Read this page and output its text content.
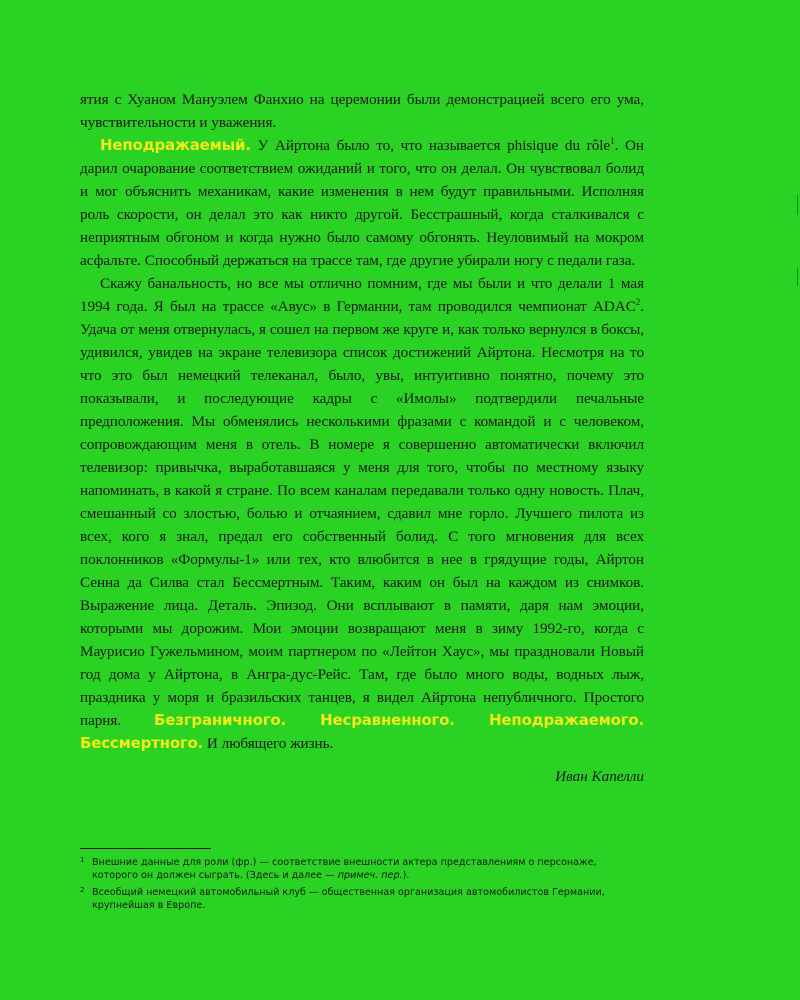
ятия с Хуаном Мануэлем Фанхио на церемонии были демонстрацией всего его ума, чувствительности и уважения.

Неподражаемый. У Айртона было то, что называется phisique du rôle$^1$. Он дарил очарование соответствием ожиданий и того, что он делал. Он чувствовал болид и мог объяснить механикам, какие изменения в нем будут правильными. Исполняя роль скорости, он делал это как никто другой. Бесстрашный, когда сталкивался с неприятным обгоном и когда нужно было самому обгонять. Неуловимый на мокром асфальте. Способный держаться на трассе там, где другие убирали ногу с педали газа.

Скажу банальность, но все мы отлично помним, где мы были и что делали 1 мая 1994 года. Я был на трассе «Авус» в Германии, там проводился чемпионат ADAC$^2$. Удача от меня отвернулась, я сошел на первом же круге и, как только вернулся в боксы, удивился, увидев на экране телевизора список достижений Айртона. Несмотря на то что это был немецкий телеканал, было, увы, интуитивно понятно, почему это показывали, и последующие кадры с «Имолы» подтвердили печальные предположения. Мы обменялись несколькими фразами с командой и с человеком, сопровождающим меня в отель. В номере я совершенно автоматически включил телевизор: привычка, выработавшаяся у меня для того, чтобы по местному языку напоминать, в какой я стране. По всем каналам передавали только одну новость. Плач, смешанный со злостью, болью и отчаянием, сдавил мне горло. Лучшего пилота из всех, кого я знал, предал его собственный болид. С того мгновения для всех поклонников «Формулы-1» или тех, кто влюбится в нее в грядущие годы, Айртон Сенна да Силва стал Бессмертным. Таким, каким он был на каждом из снимков. Выражение лица. Деталь. Эпизод. Они всплывают в памяти, даря нам эмоции, которыми мы дорожим. Мои эмоции возвращают меня в зиму 1992-го, когда с Маурисио Гужельмином, моим партнером по «Лейтон Хаус», мы праздновали Новый год дома у Айртона, в Ангра-дус-Рейс. Там, где было много воды, водных лыж, праздника у моря и бразильских танцев, я видел Айртона непубличного. Простого парня. Безграничного. Несравненного. Неподражаемого. Бессмертного. И любящего жизнь.

Иван Капелли
1 Внешние данные для роли (фр.) — соответствие внешности актера представлениям о персонаже, которого он должен сыграть. (Здесь и далее — примеч. пер.).
2 Всеобщий немецкий автомобильный клуб — общественная организация автомобилистов Германии, крупнейшая в Европе.
